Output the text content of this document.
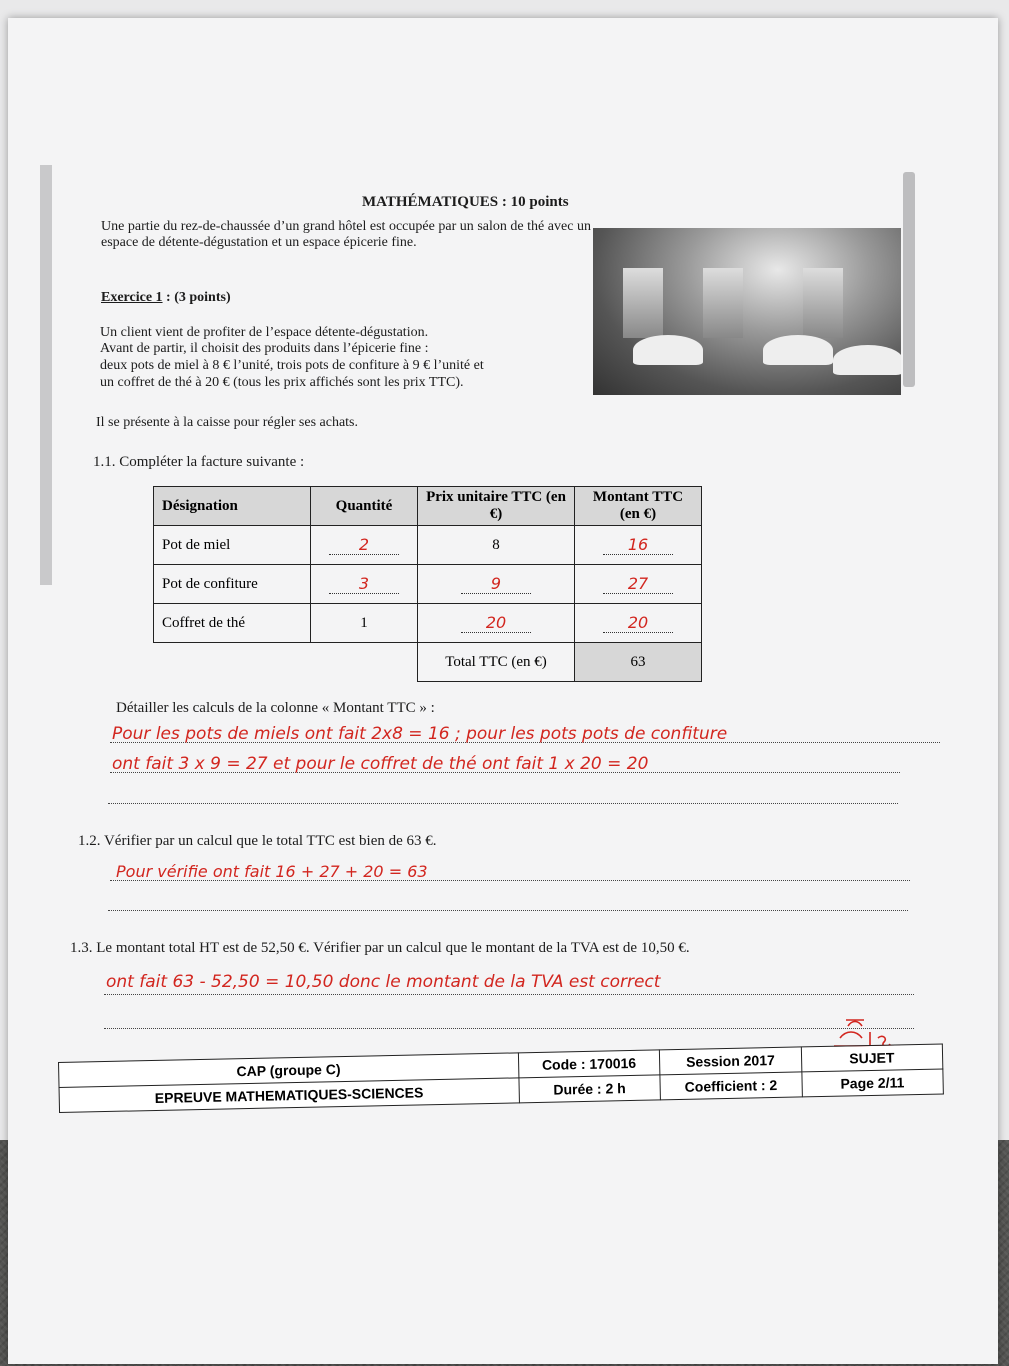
MATHÉMATIQUES : 10 points
Une partie du rez-de-chaussée d’un grand hôtel est occupée par un salon de thé avec un espace de détente-dégustation et un espace épicerie fine.
Exercice 1 : (3 points)
Un client vient de profiter de l’espace détente-dégustation.
Avant de partir, il choisit des produits dans l’épicerie fine :
deux pots de miel à 8 € l’unité, trois pots de confiture à 9 € l’unité et
un coffret de thé à 20 € (tous les prix affichés sont les prix TTC).
Il se présente à la caisse pour régler ses achats.
1.1. Compléter la facture suivante :
Désignation	Quantité	Prix unitaire TTC (en €)	Montant TTC (en €)
Pot de miel	2	8	16
Pot de confiture	3	9	27
Coffret de thé	1	20	20
		Total TTC (en €)	63
Détailler les calculs de la colonne « Montant TTC » :
Pour les pots de miels ont fait 2x8 = 16 ; pour les pots pots de confiture
ont fait 3 x 9 = 27 et pour le coffret de thé ont fait 1 x 20 = 20
1.2. Vérifier par un calcul que le total TTC est bien de 63 €.
Pour vérifie ont fait 16 + 27 + 20 = 63
1.3. Le montant total HT est de 52,50 €. Vérifier par un calcul que le montant de la TVA est de 10,50 €.
ont fait 63 - 52,50 = 10,50 donc le montant de la TVA est correct
CAP (groupe C)	Code : 170016	Session 2017	SUJET
EPREUVE MATHEMATIQUES-SCIENCES	Durée : 2 h	Coefficient : 2	Page 2/11
